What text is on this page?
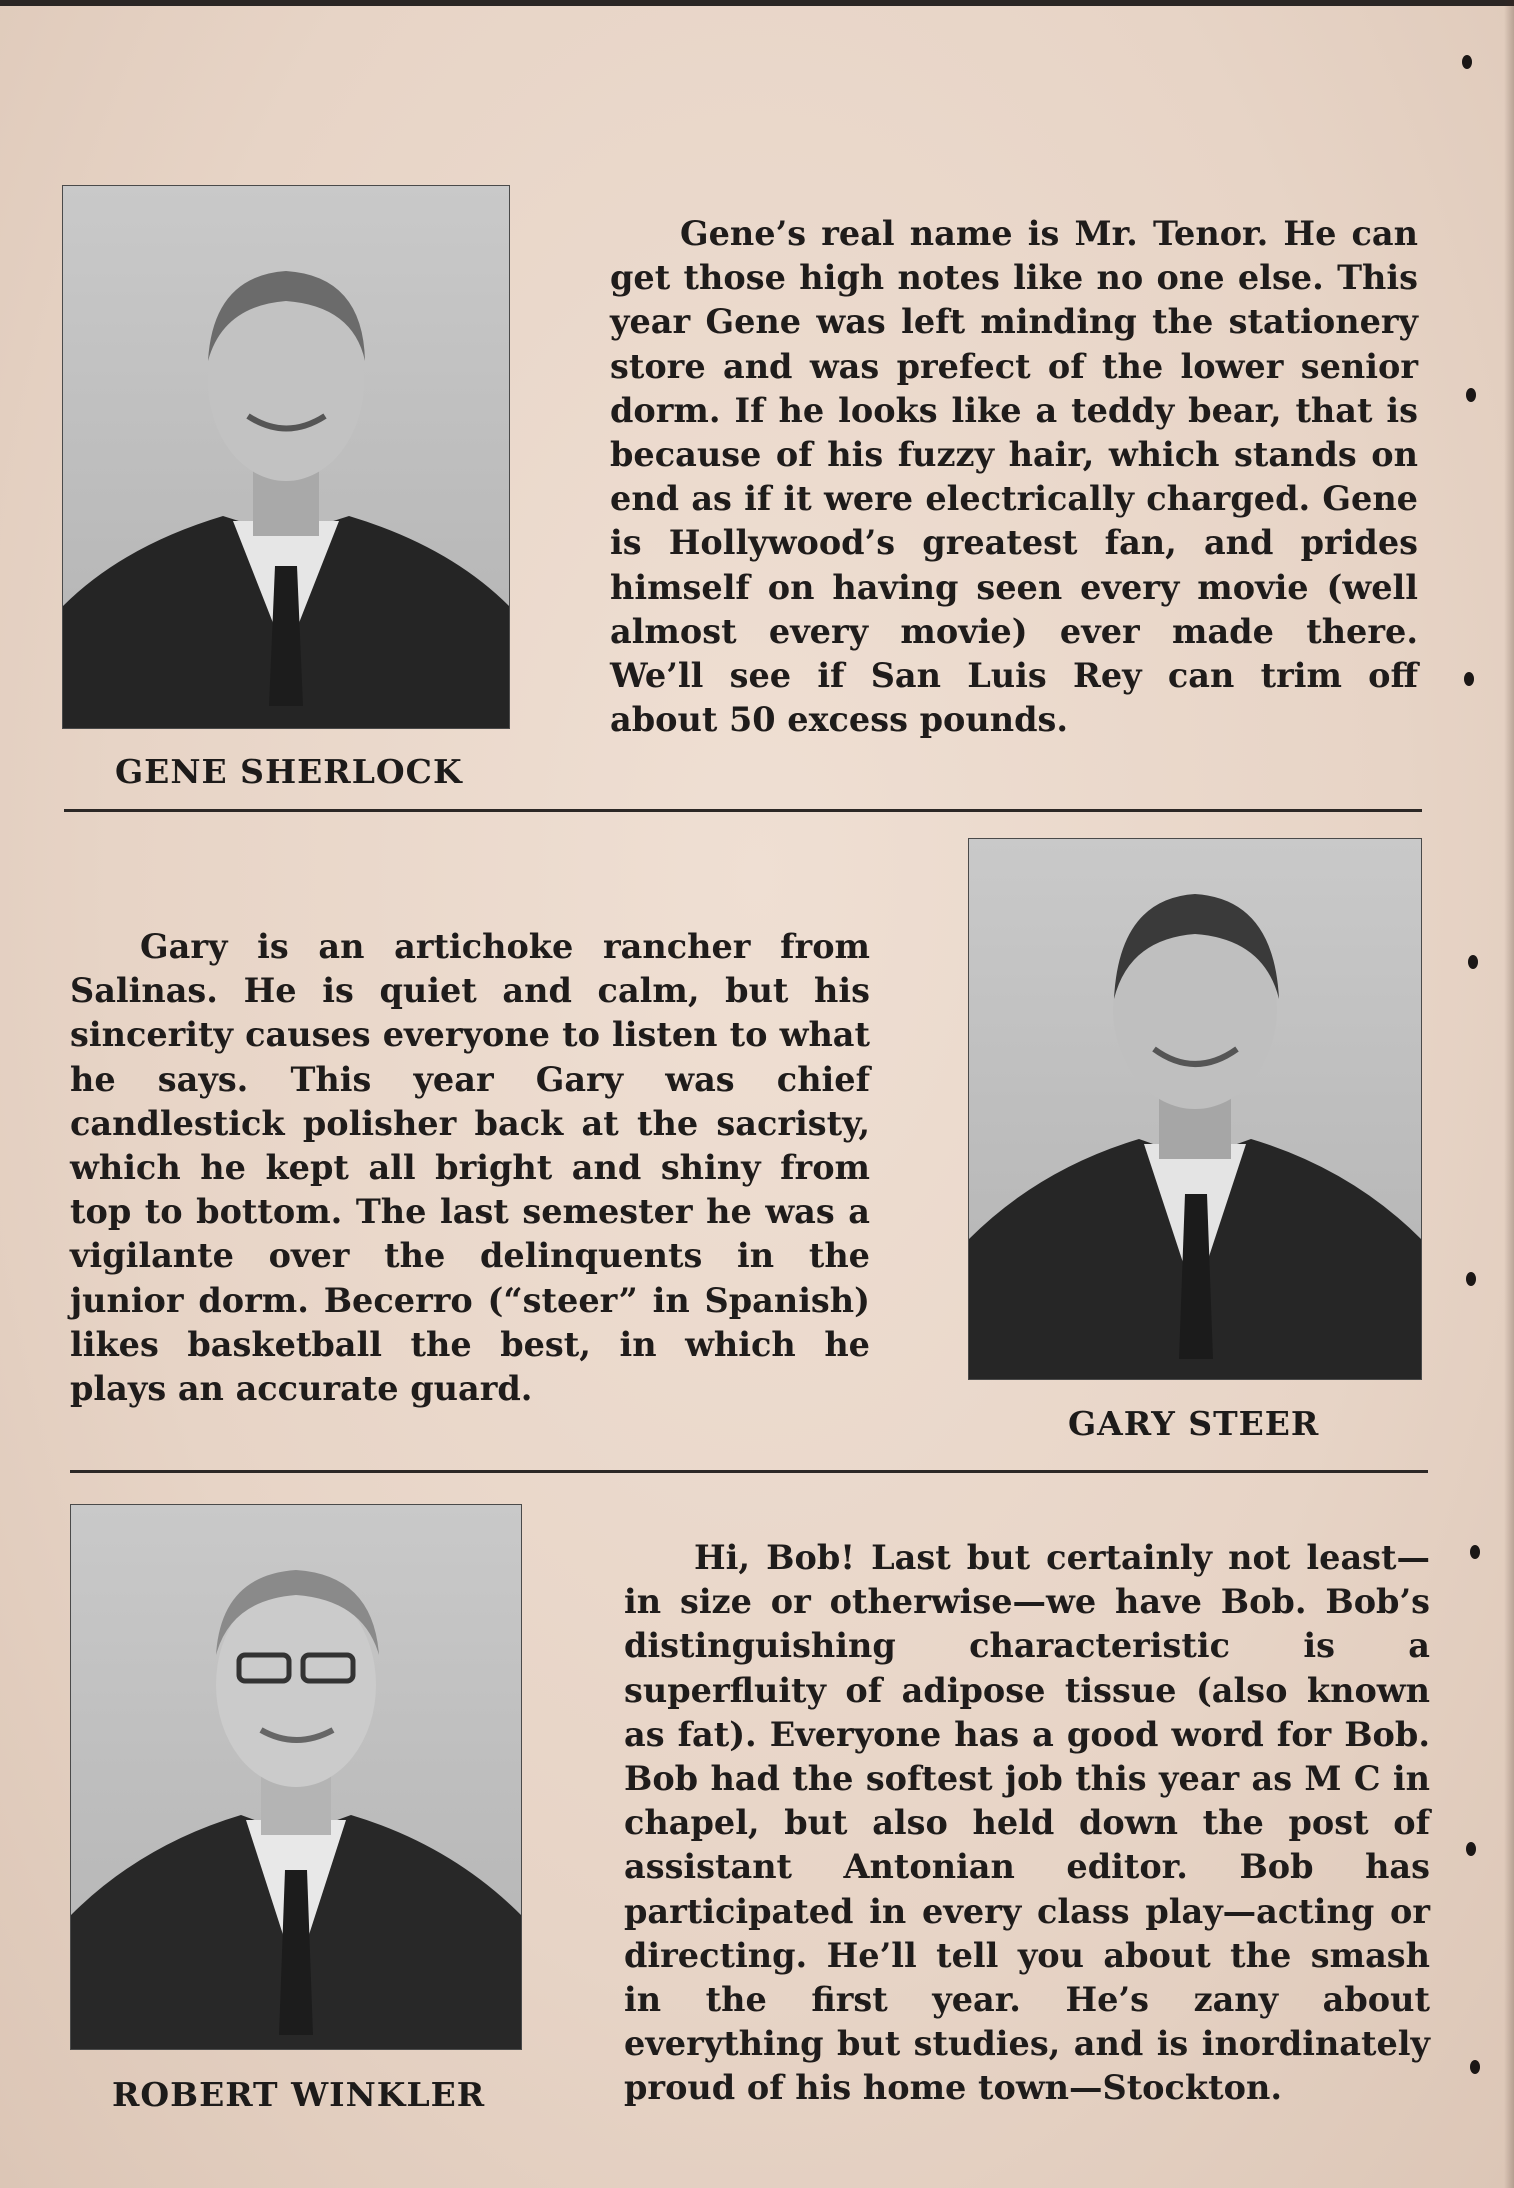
GENE SHERLOCK

Gene’s real name is Mr. Tenor. He can get those high notes like no one else. This year Gene was left minding the stationery store and was prefect of the lower senior dorm. If he looks like a teddy bear, that is because of his fuzzy hair, which stands on end as if it were electrically charged. Gene is Hollywood’s greatest fan, and prides himself on having seen every movie (well almost every movie) ever made there. We’ll see if San Luis Rey can trim off about 50 excess pounds.

Gary is an artichoke rancher from Salinas. He is quiet and calm, but his sincerity causes everyone to listen to what he says. This year Gary was chief candlestick polisher back at the sacristy, which he kept all bright and shiny from top to bottom. The last semester he was a vigilante over the delinquents in the junior dorm. Becerro (“steer” in Spanish) likes basketball the best, in which he plays an accurate guard.

GARY STEER
ROBERT WINKLER

Hi, Bob! Last but certainly not least—in size or otherwise—we have Bob. Bob’s distinguishing characteristic is a superfluity of adipose tissue (also known as fat). Everyone has a good word for Bob. Bob had the softest job this year as M C in chapel, but also held down the post of assistant Antonian editor. Bob has participated in every class play—acting or directing. He’ll tell you about the smash in the first year. He’s zany about everything but studies, and is inordinately proud of his home town—Stockton.
